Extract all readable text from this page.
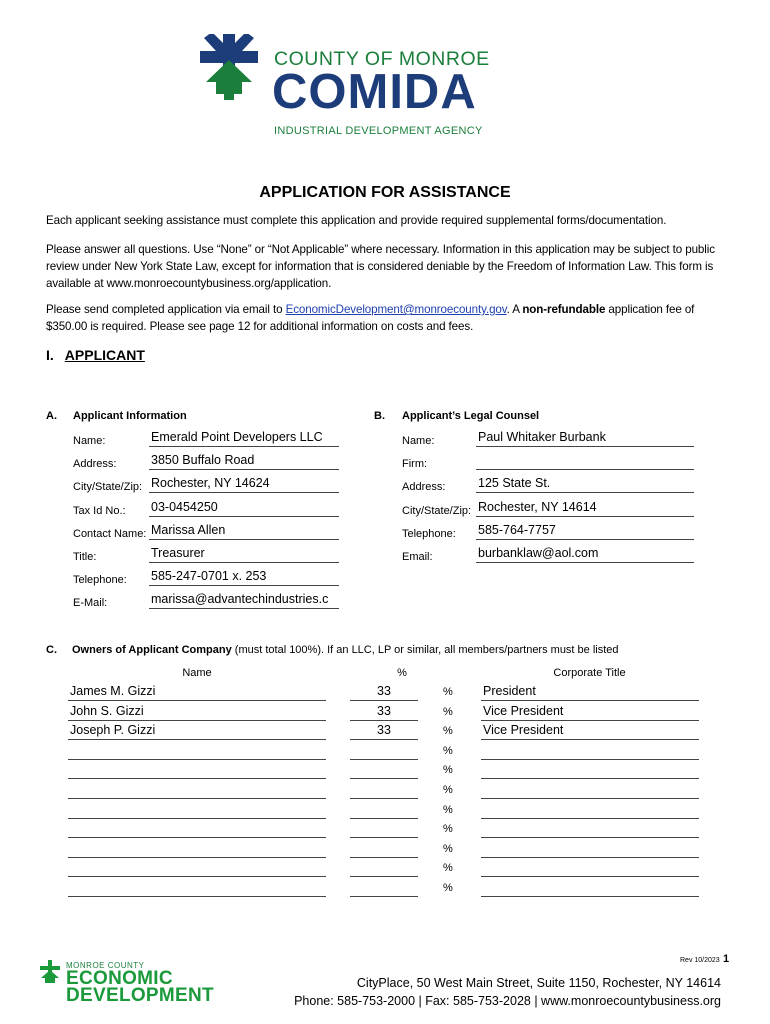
COUNTY OF MONROE
COMIDA
INDUSTRIAL DEVELOPMENT AGENCY
APPLICATION FOR ASSISTANCE

Each applicant seeking assistance must complete this application and provide required supplemental forms/documentation.

Please answer all questions. Use “None” or “Not Applicable” where necessary. Information in this application may be subject to public review under New York State Law, except for information that is considered deniable by the Freedom of Information Law. This form is available at www.monroecountybusiness.org/application.

Please send completed application via email to EconomicDevelopment@monroecounty.gov. A non-refundable application fee of $350.00 is required. Please see page 12 for additional information on costs and fees.

I. APPLICANT
A. Applicant Information
Name:	Emerald Point Developers LLC
Address:	3850 Buffalo Road
City/State/Zip: Rochester, NY 14624
Tax Id No.: 03-0454250
Contact Name: Marissa Allen
Title:	Treasurer
Telephone: 585-247-0701 x. 253
E-Mail:	marissa@advantechindustries.c
B. Applicant’s Legal Counsel
Name:	Paul Whitaker Burbank
Firm:
Address:	125 State St.
City/State/Zip: Rochester, NY 14614
Telephone: 585-764-7757
Email:	burbanklaw@aol.com
C. Owners of Applicant Company (must total 100%). If an LLC, LP or similar, all members/partners must be listed
Name	%	Corporate Title
James M. Gizzi	33	% President
John S. Gizzi	33	% Vice President
Joseph P. Gizzi	33	% Vice President
%
%
%
%
%
%
%
%
MONROE COUNTY
ECONOMIC
DEVELOPMENT
Rev 10/2023 1
CityPlace, 50 West Main Street, Suite 1150, Rochester, NY 14614
Phone: 585-753-2000 | Fax: 585-753-2028 | www.monroecountybusiness.org
